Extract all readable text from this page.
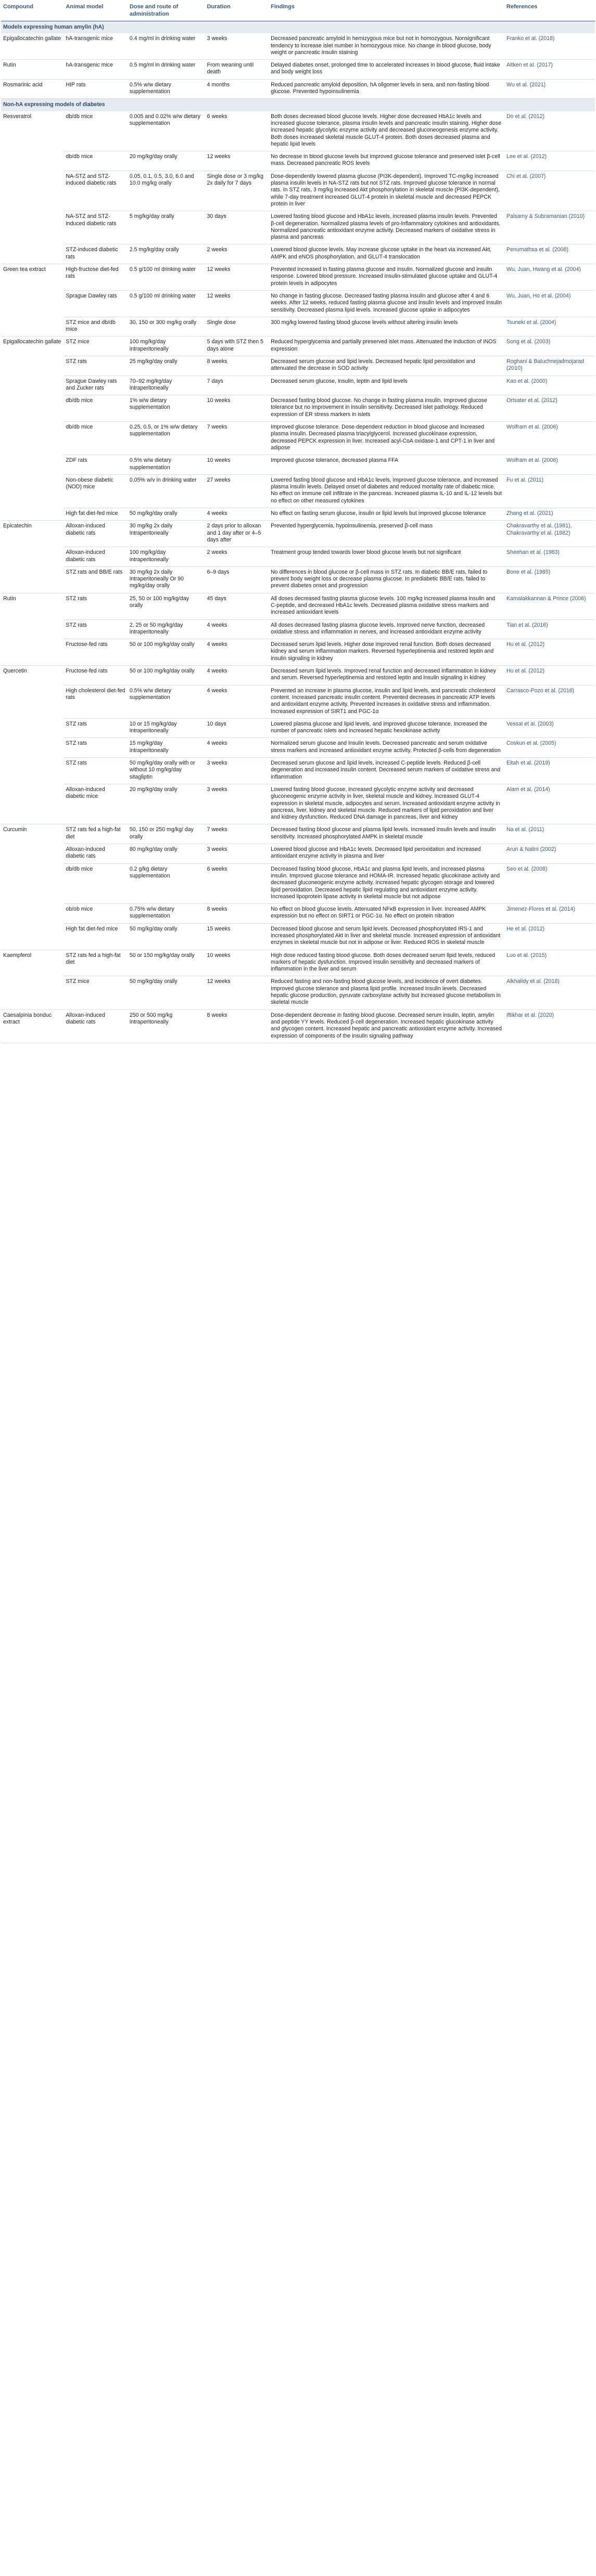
Compound	Animal model	Dose and route of administration	Duration	Findings	References
Models expressing human amylin (hA)					
Epigallocatechin gallate	hA-transgenic mice	0.4 mg/ml in drinking water	3 weeks	Decreased pancreatic amyloid in hemizygous mice but not in homozygous. Nonsignificant tendency to increase islet number in homozygous mice. No change in blood glucose, body weight or pancreatic insulin staining	Franko et al. (2018)
Rutin	hA-transgenic mice	0.5 mg/ml in drinking water	From weaning until death	Delayed diabetes onset, prolonged time to accelerated increases in blood glucose, fluid intake and body weight loss	Aitken et al. (2017)
Rosmarinic acid	HIP rats	0.5% w/w dietary supplementation	4 months	Reduced pancreatic amyloid deposition, hA oligomer levels in sera, and non-fasting blood glucose. Prevented hypoinsulinemia	Wu et al. (2021)
Non-hA expressing models of diabetes					
Resveratrol	db/db mice	0.005 and 0.02% w/w dietary supplementation	6 weeks	Both doses decreased blood glucose levels. Higher dose decreased HbA1c levels and increased glucose tolerance, plasma insulin levels and pancreatic insulin staining. Higher dose increased hepatic glycolytic enzyme activity and decreased gluconeogenesis enzyme activity. Both doses increased skeletal muscle GLUT-4 protein. Both doses decreased plasma and hepatic lipid levels	Do et al. (2012)
	db/db mice	20 mg/kg/day orally	12 weeks	No decrease in blood glucose levels but improved glucose tolerance and preserved islet β-cell mass. Decreased pancreatic ROS levels	Lee et al. (2012)
	NA-STZ and STZ-induced diabetic rats	0.05, 0.1, 0.5, 3.0, 6.0 and 10.0 mg/kg orally	Single dose or 3 mg/kg 2x daily for 7 days	Dose-dependently lowered plasma glucose (PI3K-dependent). Improved TC-mg/kg increased plasma insulin levels in NA-STZ rats but not STZ rats. Improved glucose tolerance in normal rats. In STZ rats, 3 mg/kg increased Akt phosphorylation in skeletal muscle (PI3K-dependent), while 7-day treatment increased GLUT-4 protein in skeletal muscle and decreased PEPCK protein in liver	Chi et al. (2007)
	NA-STZ and STZ-induced diabetic rats	5 mg/kg/day orally	30 days	Lowered fasting blood glucose and HbA1c levels, increased plasma insulin levels. Prevented β-cell degeneration. Normalized plasma levels of pro-inflammatory cytokines and antioxidants. Normalized pancreatic antioxidant enzyme activity. Decreased markers of oxidative stress in plasma and pancreas	Palsamy & Subramanian (2010)
	STZ-induced diabetic rats	2.5 mg/kg/day orally	2 weeks	Lowered blood glucose levels. May increase glucose uptake in the heart via increased Akt, AMPK and eNOS phosphorylation, and GLUT-4 translocation	Penumathsa et al. (2008)
Green tea extract	High-fructose diet-fed rats	0.5 g/100 ml drinking water	12 weeks	Prevented increased in fasting plasma glucose and insulin. Normalized glucose and insulin response. Lowered blood pressure. Increased insulin-stimulated glucose uptake and GLUT-4 protein levels in adipocytes	Wu, Juan, Hwang et al. (2004)
	Sprague Dawley rats	0.5 g/100 ml drinking water	12 weeks	No change in fasting glucose. Decreased fasting plasma insulin and glucose after 4 and 6 weeks. After 12 weeks, reduced fasting plasma glucose and insulin levels and improved insulin sensitivity. Decreased plasma lipid levels. Increased glucose uptake in adipocytes	Wu, Juan, Ho et al. (2004)
	STZ mice and db/db mice	30, 150 or 300 mg/kg orally	Single dose	300 mg/kg lowered fasting blood glucose levels without altering insulin levels	Tsuneki et al. (2004)
Epigallocatechin gallate	STZ mice	100 mg/kg/day intraperitoneally	5 days with STZ then 5 days alone	Reduced hyperglycemia and partially preserved islet mass. Attenuated the induction of iNOS expression	Song et al. (2003)
	STZ rats	25 mg/kg/day orally	8 weeks	Decreased serum glucose and lipid levels. Decreased hepatic lipid peroxidation and attenuated the decrease in SOD activity	Roghani & Baluchnejadmojarad (2010)
	Sprague Dawley rats and Zucker rats	70–92 mg/kg/day intraperitoneally	7 days	Decreased serum glucose, insulin, leptin and lipid levels	Kao et al. (2000)
	db/db mice	1% w/w dietary supplementation	10 weeks	Decreased fasting blood glucose. No change in fasting plasma insulin. Improved glucose tolerance but no improvement in insulin sensitivity. Decreased islet pathology. Reduced expression of ER stress markers in islets	Ortsater et al. (2012)
	db/db mice	0.25, 0.5, or 1% w/w dietary supplementation	7 weeks	Improved glucose tolerance. Dose-dependent reduction in blood glucose and increased plasma insulin. Decreased plasma triacylglycerol. Increased glucokinase expression, decreased PEPCK expression in liver. Increased acyl-CoA oxidase-1 and CPT-1 in liver and adipose	Wolfram et al. (2006)
	ZDF rats	0.5% w/w dietary supplementation	10 weeks	Improved glucose tolerance, decreased plasma FFA	Wolfram et al. (2006)
	Non-obese diabetic (NOD) mice	0.05% w/v in drinking water	27 weeks	Lowered fasting blood glucose and HbA1c levels, improved glucose tolerance, and increased plasma insulin levels. Delayed onset of diabetes and reduced mortality rate of diabetic mice. No effect on immune cell infiltrate in the pancreas. Increased plasma IL-10 and IL-12 levels but no effect on other measured cytokines	Fu et al. (2011)
	High fat diet-fed mice	50 mg/kg/day orally	4 weeks	No effect on fasting serum glucose, insulin or lipid levels but improved glucose tolerance	Zhang et al. (2021)
Epicatechin	Alloxan-induced diabetic rats	30 mg/kg 2x daily intraperitoneally	2 days prior to alloxan and 1 day after or 4–5 days after	Prevented hyperglycemia, hypoinsulinemia, preserved β-cell mass	Chakravarthy et al. (1981), Chakravarthy et al. (1982)
	Alloxan-induced diabetic rats	100 mg/kg/day intraperitoneally	2 weeks	Treatment group tended towards lower blood glucose levels but not significant	Sheehan et al. (1983)
	STZ rats and BB/E rats	30 mg/kg 2x daily intraperitoneally Or 90 mg/kg/day orally	6–9 days	No differences in blood glucose or β-cell mass in STZ rats. In diabetic BB/E rats, failed to prevent body weight loss or decrease plasma glucose. In prediabetic BB/E rats, failed to prevent diabetes onset and progression	Bone et al. (1985)
Rutin	STZ rats	25, 50 or 100 mg/kg/day orally	45 days	All doses decreased fasting plasma glucose levels. 100 mg/kg increased plasma insulin and C-peptide, and decreased HbA1c levels. Decreased plasma oxidative stress markers and increased antioxidant levels	Kamalakkannan & Prince (2006)
	STZ rats	2, 25 or 50 mg/kg/day intraperitoneally	4 weeks	All doses decreased fasting plasma glucose levels. Improved nerve function, decreased oxidative stress and inflammation in nerves, and increased antioxidant enzyme activity	Tian et al. (2016)
	Fructose-fed rats	50 or 100 mg/kg/day orally	4 weeks	Decreased serum lipid levels. Higher dose improved renal function. Both doses decreased kidney and serum inflammation markers. Reversed hyperleptinemia and restored leptin and insulin signaling in kidney	Hu et al. (2012)
Quercetin	Fructose-fed rats	50 or 100 mg/kg/day orally	4 weeks	Decreased serum lipid levels. Improved renal function and decreased inflammation in kidney and serum. Reversed hyperleptinemia and restored leptin and insulin signaling in kidney	Hu et al. (2012)
	High cholesterol diet-fed rats	0.5% w/w dietary supplementation	4 weeks	Prevented an increase in plasma glucose, insulin and lipid levels, and pancreatic cholesterol content. Increased pancreatic insulin content. Prevented decreases in pancreatic ATP levels and antioxidant enzyme activity. Prevented increases in oxidative stress and inflammation. Increased expression of SIRT1 and PGC-1α	Carrasco-Pozo et al. (2016)
	STZ rats	10 or 15 mg/kg/day intraperitoneally	10 days	Lowered plasma glucose and lipid levels, and improved glucose tolerance. Increased the number of pancreatic islets and increased hepatic hexokinase activity	Vessal et al. (2003)
	STZ rats	15 mg/kg/day intraperitoneally	4 weeks	Normalized serum glucose and insulin levels. Decreased pancreatic and serum oxidative stress markers and increased antioxidant enzyme activity. Protected β-cells from degeneration	Coskun et al. (2005)
	STZ rats	50 mg/kg/day orally with or without 10 mg/kg/day sitagliptin	3 weeks	Decreased serum glucose and lipid levels, increased C-peptide levels. Reduced β-cell degeneration and increased insulin content. Decreased serum markers of oxidative stress and inflammation	Eitah et al. (2019)
	Alloxan-induced diabetic mice	20 mg/kg/day orally	3 weeks	Lowered fasting blood glucose, increased glycolytic enzyme activity and decreased gluconeogenic enzyme activity in liver, skeletal muscle and kidney. Increased GLUT-4 expression in skeletal muscle, adipocytes and serum. Increased antioxidant enzyme activity in pancreas, liver, kidney and skeletal muscle. Reduced markers of lipid peroxidation and liver and kidney dysfunction. Reduced DNA damage in pancreas, liver and kidney	Alam et al. (2014)
Curcumin	STZ rats fed a high-fat diet	50, 150 or 250 mg/kg/ day orally	7 weeks	Decreased fasting blood glucose and plasma lipid levels. Increased insulin levels and insulin sensitivity. Increased phosphorylated AMPK in skeletal muscle	Na et al. (2011)
	Alloxan-induced diabetic rats	80 mg/kg/day orally	3 weeks	Lowered blood glucose and HbA1c levels. Decreased lipid peroxidation and increased antioxidant enzyme activity in plasma and liver	Arun & Nalini (2002)
	db/db mice	0.2 g/kg dietary supplementation	6 weeks	Decreased fasting blood glucose, HbA1c and plasma lipid levels, and increased plasma insulin. Improved glucose tolerance and HOMA-IR. Increased hepatic glucokinase activity and decreased gluconeogenic enzyme activity. Increased hepatic glycogen storage and lowered lipid peroxidation. Decreased hepatic lipid regulating and antioxidant enzyme activity. Increased lipoprotein lipase activity in skeletal muscle but not adipose	Seo et al. (2008)
	ob/ob mice	0.75% w/w dietary supplementation	8 weeks	No effect on blood glucose levels. Attenuated NFκB expression in liver. Increased AMPK expression but no effect on SIRT1 or PGC-1α. No effect on protein nitration	Jimenez-Flores et al. (2014)
	High fat diet-fed mice	50 mg/kg/day orally	15 weeks	Decreased blood glucose and serum lipid levels. Decreased phosphorylated IRS-1 and increased phosphorylated Akt in liver and skeletal muscle. Increased expression of antioxidant enzymes in skeletal muscle but not in adipose or liver. Reduced ROS in skeletal muscle	He et al. (2012)
Kaempferol	STZ rats fed a high-fat diet	50 or 150 mg/kg/day orally	10 weeks	High dose reduced fasting blood glucose. Both doses decreased serum lipid levels, reduced markers of hepatic dysfunction. Improved insulin sensitivity and decreased markers of inflammation in the liver and serum	Luo et al. (2015)
	STZ mice	50 mg/kg/day orally	12 weeks	Reduced fasting and non-fasting blood glucose levels, and incidence of overt diabetes. Improved glucose tolerance and plasma lipid profile. Increased insulin levels. Decreased hepatic glucose production, pyruvate carboxylase activity but increased glucose metabolism in skeletal muscle	Alkhalidy et al. (2018)
Caesalpinia bonduc extract	Alloxan-induced diabetic rats	250 or 500 mg/kg intraperitoneally	8 weeks	Dose-dependent decrease in fasting blood glucose. Decreased serum insulin, leptin, amylin and peptide YY levels. Reduced β-cell degeneration. Increased hepatic glucokinase activity and glycogen content. Increased hepatic and pancreatic antioxidant enzyme activity. Increased expression of components of the insulin signaling pathway	Iftikhar et al. (2020)
